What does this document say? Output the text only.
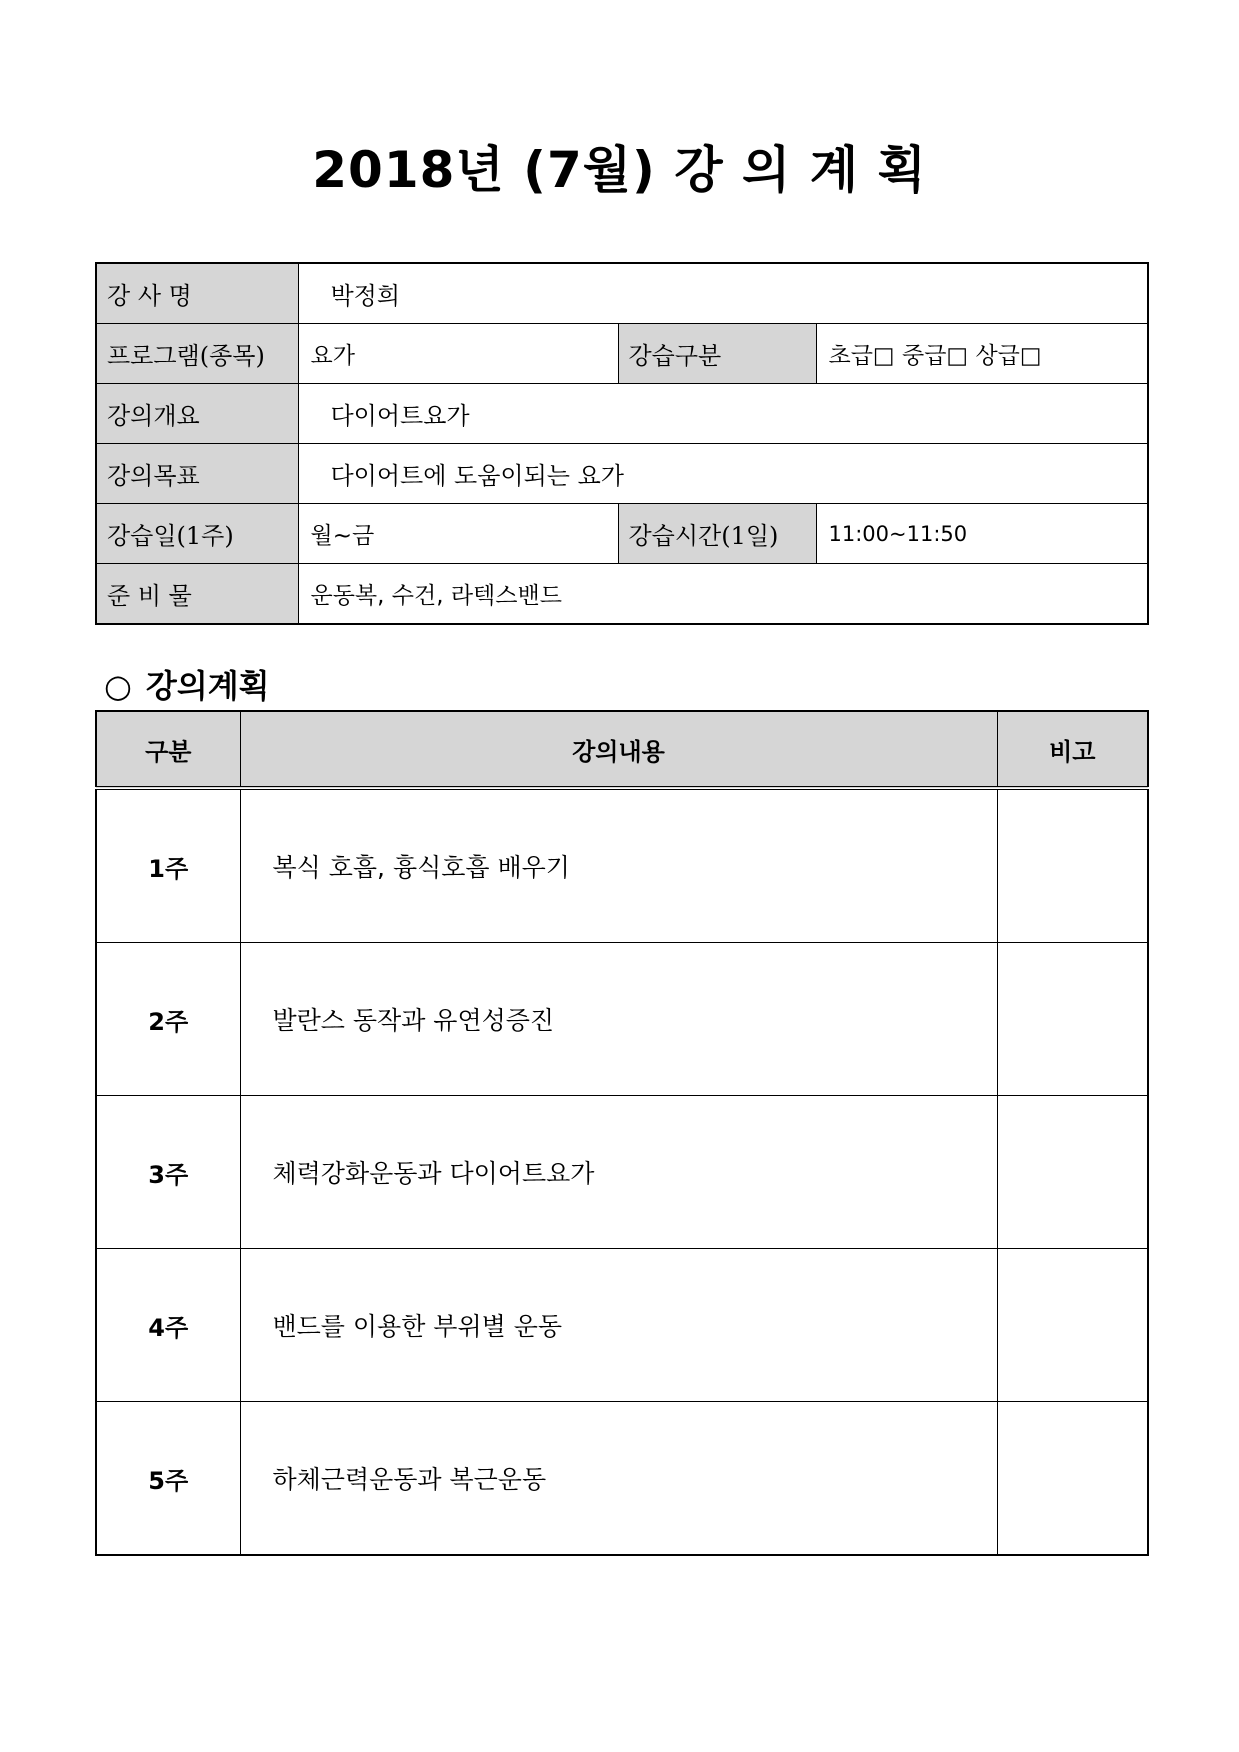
2018년 (7월) 강 의 계 획
강 사 명	박정희		
프로그램(종목)	요가	강습구분	초급□ 중급□ 상급□
강의개요	다이어트요가		
강의목표	다이어트에 도움이되는 요가		
강습일(1주)	월~금	강습시간(1일)	11:00~11:50
준 비 물	운동복, 수건, 라텍스밴드		
○ 강의계획
구분	강의내용	비고
1주	복식 호흡, 흉식호흡 배우기	
2주	발란스 동작과 유연성증진	
3주	체력강화운동과 다이어트요가	
4주	밴드를 이용한 부위별 운동	
5주	하체근력운동과 복근운동	
